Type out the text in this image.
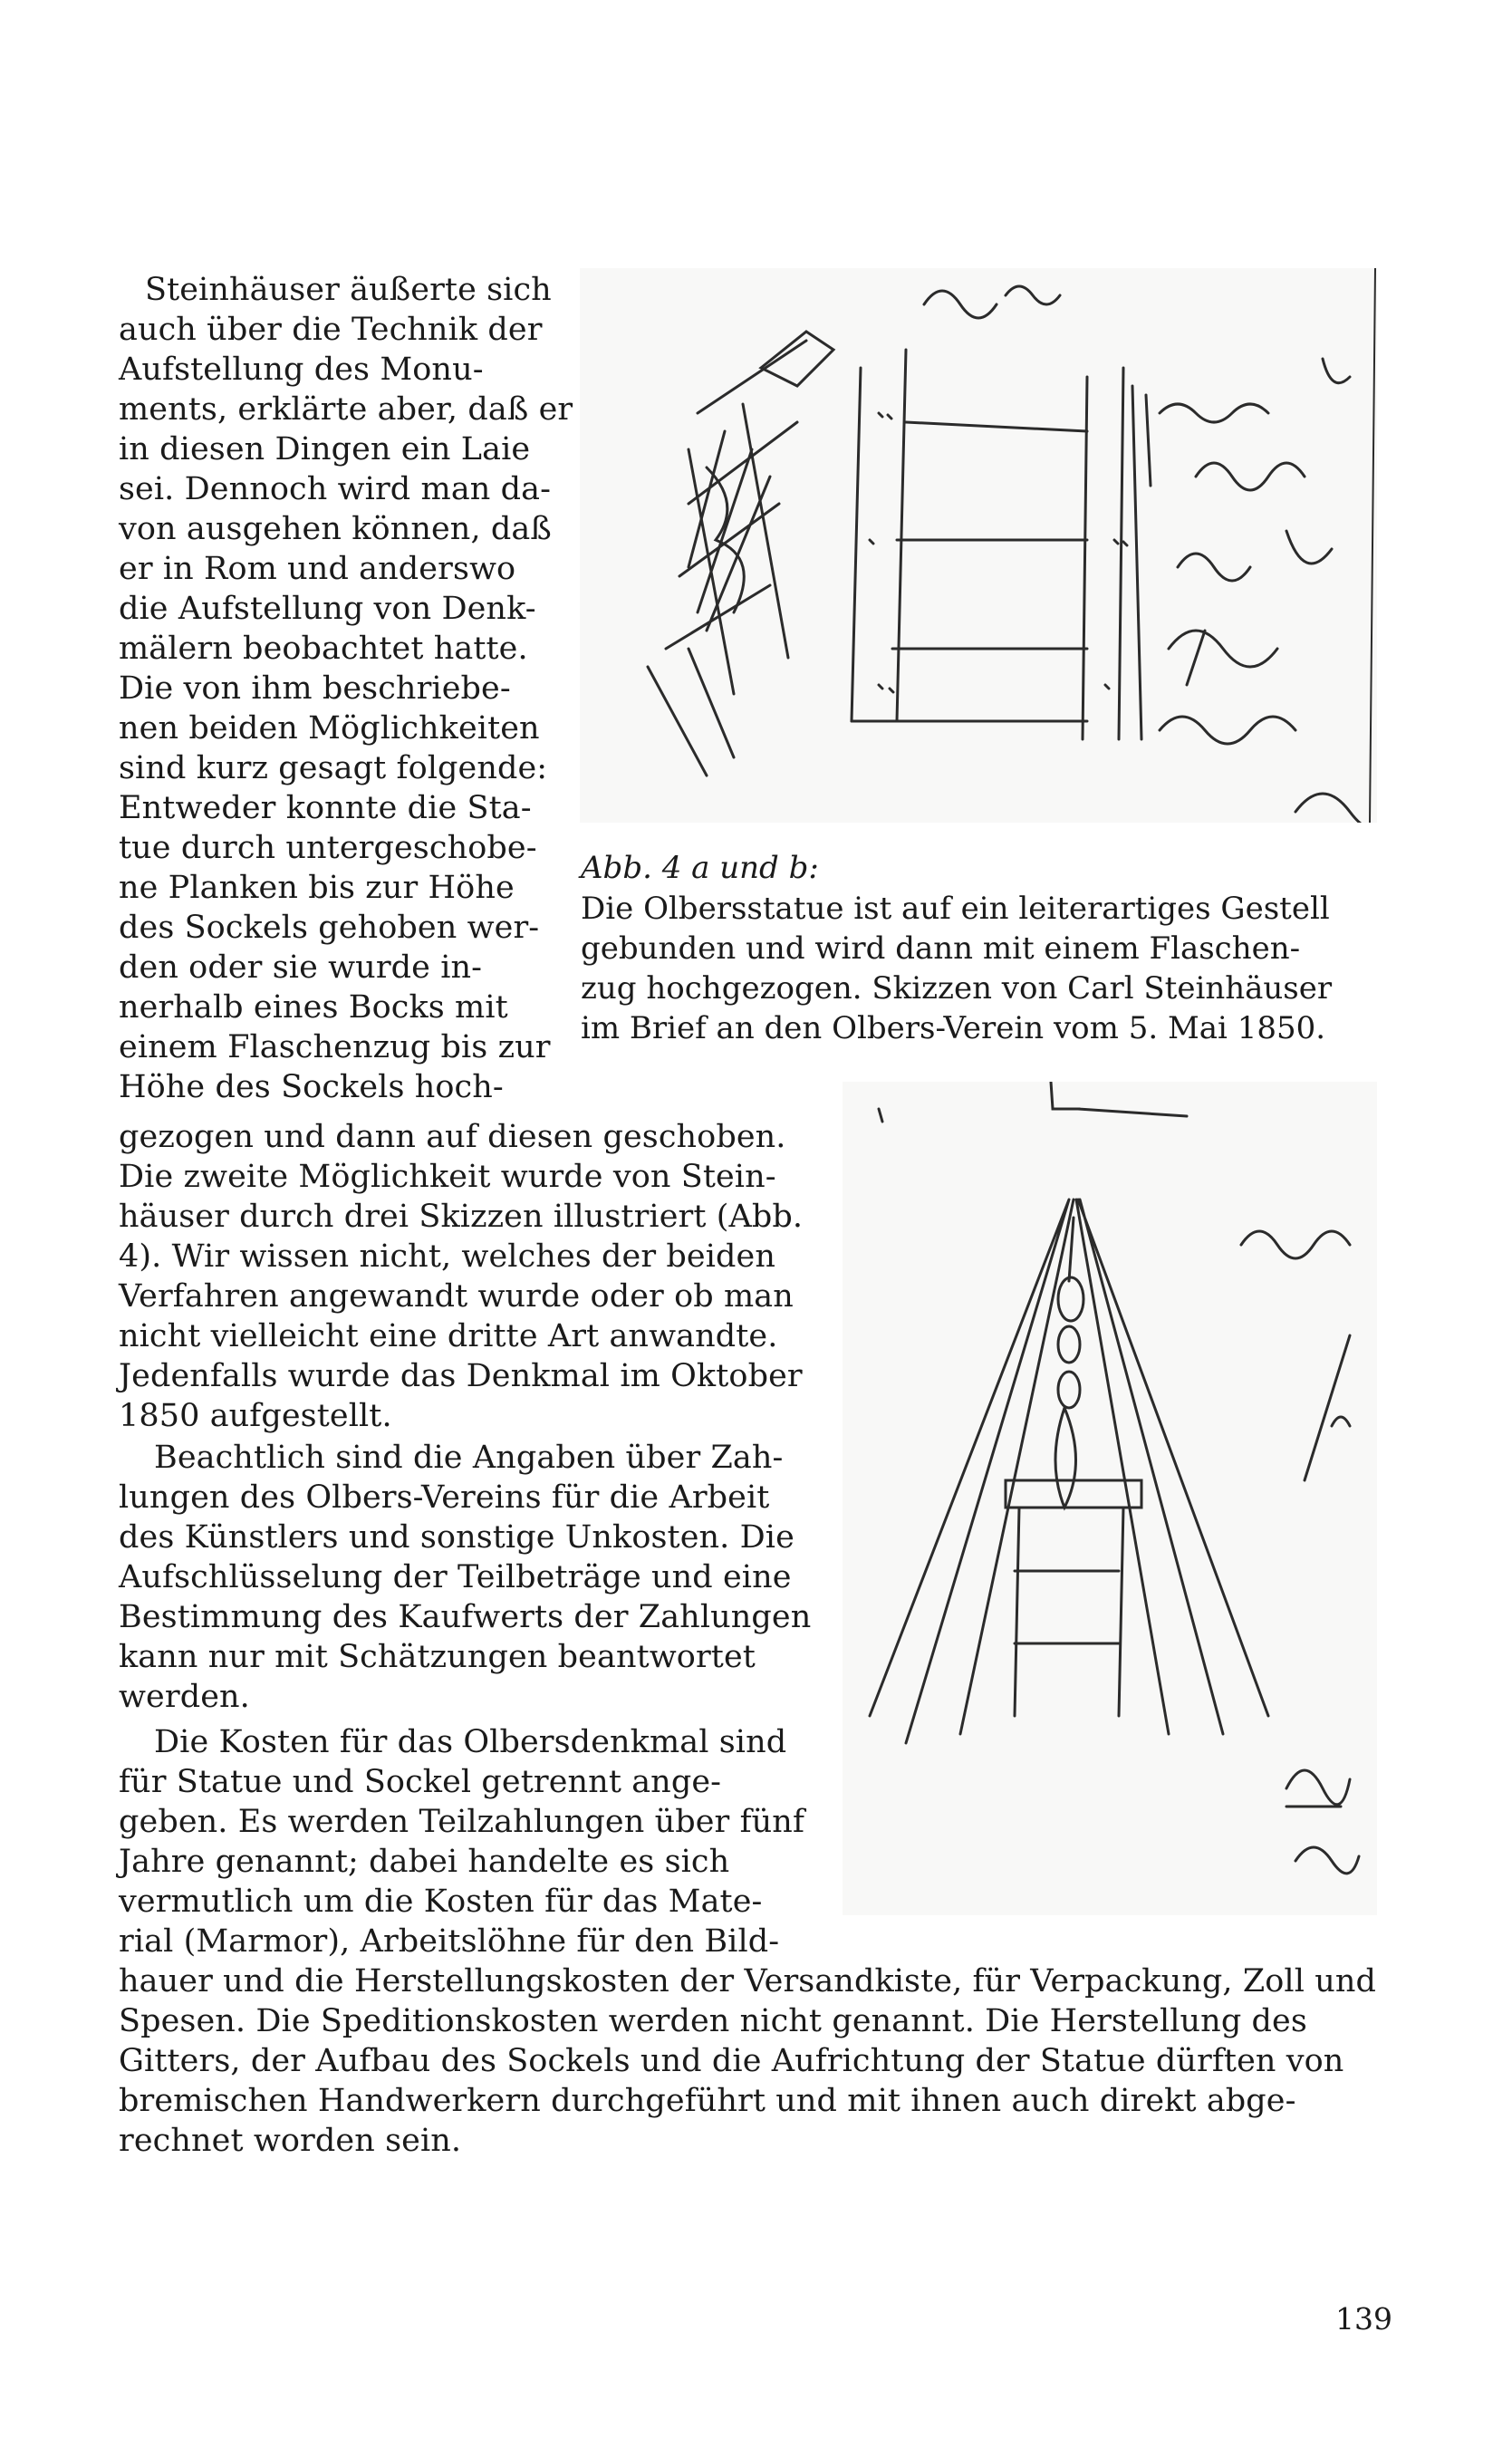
Steinhäuser äußerte sich
auch über die Technik der
Aufstellung des Monu-
ments, erklärte aber, daß er
in diesen Dingen ein Laie
sei. Dennoch wird man da-
von ausgehen können, daß
er in Rom und anderswo
die Aufstellung von Denk-
mälern beobachtet hatte.
Die von ihm beschriebe-
nen beiden Möglichkeiten
sind kurz gesagt folgende:
Entweder konnte die Sta-
tue durch untergeschobe-
ne Planken bis zur Höhe
des Sockels gehoben wer-
den oder sie wurde in-
nerhalb eines Bocks mit
einem Flaschenzug bis zur
Höhe des Sockels hoch-
gezogen und dann auf diesen geschoben.
Die zweite Möglichkeit wurde von Stein-
häuser durch drei Skizzen illustriert (Abb.
4). Wir wissen nicht, welches der beiden
Verfahren angewandt wurde oder ob man
nicht vielleicht eine dritte Art anwandte.
Jedenfalls wurde das Denkmal im Oktober
1850 aufgestellt.
Beachtlich sind die Angaben über Zah-
lungen des Olbers-Vereins für die Arbeit
des Künstlers und sonstige Unkosten. Die
Aufschlüsselung der Teilbeträge und eine
Bestimmung des Kaufwerts der Zahlungen
kann nur mit Schätzungen beantwortet
werden.
Die Kosten für das Olbersdenkmal sind
für Statue und Sockel getrennt ange-
geben. Es werden Teilzahlungen über fünf
Jahre genannt; dabei handelte es sich
vermutlich um die Kosten für das Mate-
rial (Marmor), Arbeitslöhne für den Bild-
hauer und die Herstellungskosten der Versandkiste, für Verpackung, Zoll und
Spesen. Die Speditionskosten werden nicht genannt. Die Herstellung des
Gitters, der Aufbau des Sockels und die Aufrichtung der Statue dürften von
bremischen Handwerkern durchgeführt und mit ihnen auch direkt abge-
rechnet worden sein.
Abb. 4 a und b:
Die Olbersstatue ist auf ein leiterartiges Gestell
gebunden und wird dann mit einem Flaschen-
zug hochgezogen. Skizzen von Carl Steinhäuser
im Brief an den Olbers-Verein vom 5. Mai 1850.
139
